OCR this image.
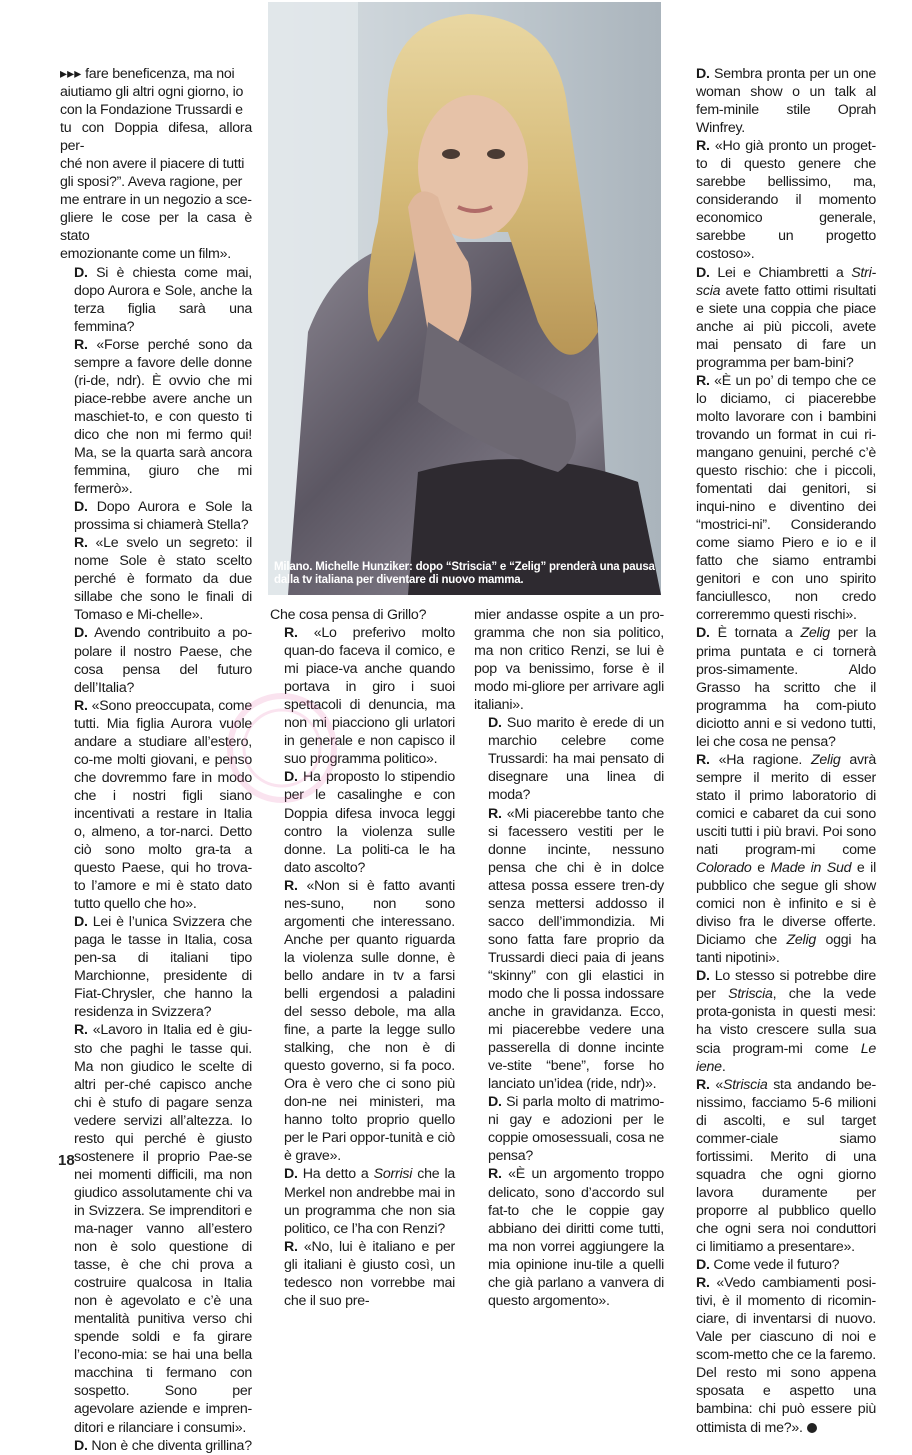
Milano. Michelle Hunziker: dopo “Striscia” e “Zelig” prenderà una pausa dalla tv italiana per diventare di nuovo mamma.

▸▸▸ fare beneficenza, ma noi

aiutiamo gli altri ogni giorno, io

con la Fondazione Trussardi e

tu con Doppia difesa, allora per-

ché non avere il piacere di tutti

gli sposi?”. Aveva ragione, per

me entrare in un negozio a sce-

gliere le cose per la casa è stato

emozionante come un film».

D. Si è chiesta come mai, dopo Aurora e Sole, anche la terza figlia sarà una femmina?

R. «Forse perché sono da sempre a favore delle donne (ri-de, ndr). È ovvio che mi piace-rebbe avere anche un maschiet-to, e con questo ti dico che non mi fermo qui! Ma, se la quarta sarà ancora femmina, giuro che mi fermerò».

D. Dopo Aurora e Sole la prossima si chiamerà Stella?

R. «Le svelo un segreto: il nome Sole è stato scelto perché è formato da due sillabe che sono le finali di Tomaso e Mi-chelle».

D. Avendo contribuito a po-polare il nostro Paese, che cosa pensa del futuro dell’Italia?

R. «Sono preoccupata, come tutti. Mia figlia Aurora vuole andare a studiare all’estero, co-me molti giovani, e penso che dovremmo fare in modo che i nostri figli siano incentivati a restare in Italia o, almeno, a tor-narci. Detto ciò sono molto gra-ta a questo Paese, qui ho trova-to l’amore e mi è stato dato tutto quello che ho».

D. Lei è l’unica Svizzera che paga le tasse in Italia, cosa pen-sa di italiani tipo Marchionne, presidente di Fiat-Chrysler, che hanno la residenza in Svizzera?

R. «Lavoro in Italia ed è giu-sto che paghi le tasse qui. Ma non giudico le scelte di altri per-ché capisco anche chi è stufo di pagare senza vedere servizi all’altezza. Io resto qui perché è giusto sostenere il proprio Pae-se nei momenti difficili, ma non giudico assolutamente chi va in Svizzera. Se imprenditori e ma-nager vanno all’estero non è solo questione di tasse, è che chi prova a costruire qualcosa in Italia non è agevolato e c’è una mentalità punitiva verso chi spende soldi e fa girare l’econo-mia: se hai una bella macchina ti fermano con sospetto. Sono per agevolare aziende e impren-ditori e rilanciare i consumi».

D. Non è che diventa grillina?

Che cosa pensa di Grillo?

R. «Lo preferivo molto quan-do faceva il comico, e mi piace-va anche quando portava in giro i suoi spettacoli di denuncia, ma non mi piacciono gli urlatori in generale e non capisco il suo programma politico».

D. Ha proposto lo stipendio per le casalinghe e con Doppia difesa invoca leggi contro la violenza sulle donne. La politi-ca le ha dato ascolto?

R. «Non si è fatto avanti nes-suno, non sono argomenti che interessano. Anche per quanto riguarda la violenza sulle donne, è bello andare in tv a farsi belli ergendosi a paladini del sesso debole, ma alla fine, a parte la legge sullo stalking, che non è di questo governo, si fa poco. Ora è vero che ci sono più don-ne nei ministeri, ma hanno tolto proprio quello per le Pari oppor-tunità e ciò è grave».

D. Ha detto a Sorrisi che la Merkel non andrebbe mai in un programma che non sia politico, ce l’ha con Renzi?

R. «No, lui è italiano e per gli italiani è giusto così, un tedesco non vorrebbe mai che il suo pre-

mier andasse ospite a un pro-gramma che non sia politico, ma non critico Renzi, se lui è pop va benissimo, forse è il modo mi-gliore per arrivare agli italiani».

D. Suo marito è erede di un marchio celebre come Trussardi: ha mai pensato di disegnare una linea di moda?

R. «Mi piacerebbe tanto che si facessero vestiti per le donne incinte, nessuno pensa che chi è in dolce attesa possa essere tren-dy senza mettersi addosso il sacco dell’immondizia. Mi sono fatta fare proprio da Trussardi dieci paia di jeans “skinny” con gli elastici in modo che li possa indossare anche in gravidanza. Ecco, mi piacerebbe vedere una passerella di donne incinte ve-stite “bene”, forse ho lanciato un’idea (ride, ndr)».

D. Si parla molto di matrimo-ni gay e adozioni per le coppie omosessuali, cosa ne pensa?

R. «È un argomento troppo delicato, sono d’accordo sul fat-to che le coppie gay abbiano dei diritti come tutti, ma non vorrei aggiungere la mia opinione inu-tile a quelli che già parlano a vanvera di questo argomento».

D. Sembra pronta per un one woman show o un talk al fem-minile stile Oprah Winfrey.

R. «Ho già pronto un proget-to di questo genere che sarebbe bellissimo, ma, considerando il momento economico generale, sarebbe un progetto costoso».

D. Lei e Chiambretti a Stri-scia avete fatto ottimi risultati e siete una coppia che piace anche ai più piccoli, avete mai pensato di fare un programma per bam-bini?

R. «È un po’ di tempo che ce lo diciamo, ci piacerebbe molto lavorare con i bambini trovando un format in cui ri-mangano genuini, perché c’è questo rischio: che i piccoli, fomentati dai genitori, si inqui-nino e diventino dei “mostrici-ni”. Considerando come siamo Piero e io e il fatto che siamo entrambi genitori e con uno spirito fanciullesco, non credo correremmo questi rischi».

D. È tornata a Zelig per la prima puntata e ci tornerà pros-simamente. Aldo Grasso ha scritto che il programma ha com-piuto diciotto anni e si vedono tutti, lei che cosa ne pensa?

R. «Ha ragione. Zelig avrà sempre il merito di esser stato il primo laboratorio di comici e cabaret da cui sono usciti tutti i più bravi. Poi sono nati program-mi come Colorado e Made in Sud e il pubblico che segue gli show comici non è infinito e si è diviso fra le diverse offerte. Diciamo che Zelig oggi ha tanti nipotini».

D. Lo stesso si potrebbe dire per Striscia, che la vede prota-gonista in questi mesi: ha visto crescere sulla sua scia program-mi come Le iene.

R. «Striscia sta andando be-nissimo, facciamo 5-6 milioni di ascolti, e sul target commer-ciale siamo fortissimi. Merito di una squadra che ogni giorno lavora duramente per proporre al pubblico quello che ogni sera noi conduttori ci limitiamo a presentare».

D. Come vede il futuro?

R. «Vedo cambiamenti posi-tivi, è il momento di ricomin-ciare, di inventarsi di nuovo. Vale per ciascuno di noi e scom-metto che ce la faremo. Del resto mi sono appena sposata e aspetto una bambina: chi può essere più ottimista di me?».

18
